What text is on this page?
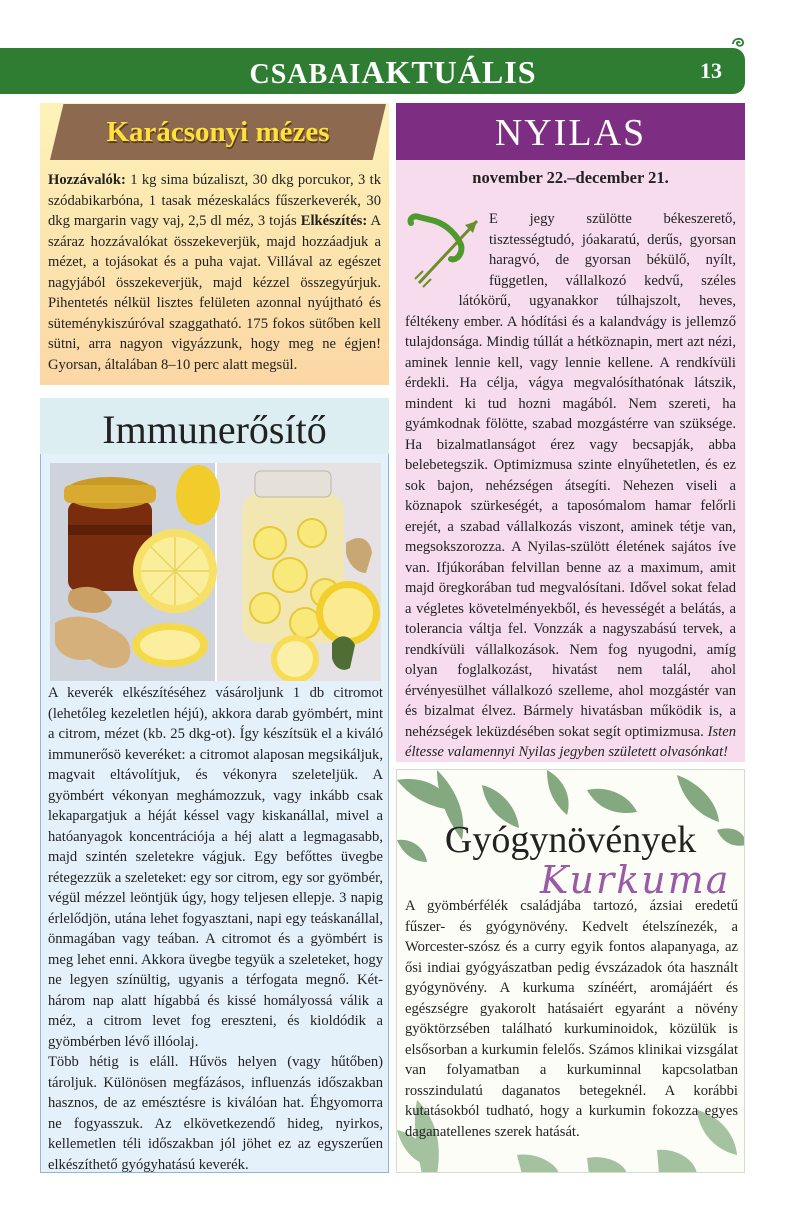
CSABAIAKTUÁLIS	13
Karácsonyi mézes
Hozzávalók: 1 kg sima búzaliszt, 30 dkg porcukor, 3 tk szódabikarbóna, 1 tasak mézeskalács fűszerkeverék, 30 dkg margarin vagy vaj, 2,5 dl méz, 3 tojás Elkészítés: A száraz hozzávalókat összekeverjük, majd hozzáadjuk a mézet, a tojásokat és a puha vajat. Villával az egészet nagyjából összekeverjük, majd kézzel összegyúrjuk. Pihentetés nélkül lisztes felületen azonnal nyújtható és süteménykiszúróval szaggatható. 175 fokos sütőben kell sütni, arra nagyon vigyázzunk, hogy meg ne égjen! Gyorsan, általában 8–10 perc alatt megsül.
Immunerősítő

A keverék elkészítéséhez vásároljunk 1 db citromot (lehetőleg kezeletlen héjú), akkora darab gyömbért, mint a citrom, mézet (kb. 25 dkg-ot). Így készítsük el a kiváló immunerősö keveréket: a citromot alaposan megsikáljuk, magvait eltávolítjuk, és vékonyra szeleteljük. A gyömbért vékonyan meghámozzuk, vagy inkább csak lekapargatjuk a héját késsel vagy kiskanállal, mivel a hatóanyagok koncentrációja a héj alatt a legmagasabb, majd szintén szeletekre vágjuk. Egy befőttes üvegbe rétegezzük a szeleteket: egy sor citrom, egy sor gyömbér, végül mézzel leöntjük úgy, hogy teljesen ellepje. 3 napig érlelődjön, utána lehet fogyasztani, napi egy teáskanállal, önmagában vagy teában. A citromot és a gyömbért is meg lehet enni. Akkora üvegbe tegyük a szeleteket, hogy ne legyen színültig, ugyanis a térfogata megnő. Két-három nap alatt hígabbá és kissé homályossá válik a méz, a citrom levet fog ereszteni, és kioldódik a gyömbérben lévő illóolaj.

Több hétig is eláll. Hűvös helyen (vagy hűtőben) tároljuk. Különösen megfázásos, influenzás időszakban hasznos, de az emésztésre is kiválóan hat. Éhgyomorra ne fogyasszuk. Az elkövetkezendő hideg, nyirkos, kellemetlen téli időszakban jól jöhet ez az egyszerűen elkészíthető gyógyhatású keverék.

NYILAS
november 22.–december 21.
E jegy szülötte békeszerető, tisztességtudó, jóakaratú, derűs, gyorsan haragvó, de gyorsan békülő, nyílt, független, vállalkozó kedvű, széles látókörű, ugyanakkor túlhajszolt, heves, féltékeny ember. A hódítási és a kalandvágy is jellemző tulajdonsága. Mindig túllát a hétköznapin, mert azt nézi, aminek lennie kell, vagy lennie kellene. A rendkívüli érdekli. Ha célja, vágya megvalósíthatónak látszik, mindent ki tud hozni magából. Nem szereti, ha gyámkodnak fölötte, szabad mozgástérre van szüksége. Ha bizalmatlanságot érez vagy becsapják, abba belebetegszik. Optimizmusa szinte elnyűhetetlen, és ez sok bajon, nehézségen átsegíti. Nehezen viseli a köznapok szürkeségét, a taposómalom hamar felőrli erejét, a szabad vállalkozás viszont, aminek tétje van, megsokszorozza. A Nyilas-szülött életének sajátos íve van. Ifjúkorában felvillan benne az a maximum, amit majd öregkorában tud megvalósítani. Idővel sokat felad a végletes követelményekből, és hevességét a belátás, a tolerancia váltja fel. Vonzzák a nagyszabású tervek, a rendkívüli vállalkozások. Nem fog nyugodni, amíg olyan foglalkozást, hivatást nem talál, ahol érvényesülhet vállalkozó szelleme, ahol mozgástér van és bizalmat élvez. Bármely hivatásban működik is, a nehézségek leküzdésében sokat segít optimizmusa. Isten éltesse valamennyi Nyilas jegyben született olvasónkat!
Gyógynövények
Kurkuma
A gyömbérfélék családjába tartozó, ázsiai eredetű fűszer- és gyógynövény. Kedvelt ételszínezék, a Worcester-szósz és a curry egyik fontos alapanyaga, az ősi indiai gyógyászatban pedig évszázadok óta használt gyógynövény. A kurkuma színéért, aromájáért és egészségre gyakorolt hatásaiért egyaránt a növény gyöktörzsében található kurkuminoidok, közülük is elsősorban a kurkumin felelős. Számos klinikai vizsgálat van folyamatban a kurkuminnal kapcsolatban rosszindulatú daganatos betegeknél. A korábbi kutatásokból tudható, hogy a kurkumin fokozza egyes daganatellenes szerek hatását.
